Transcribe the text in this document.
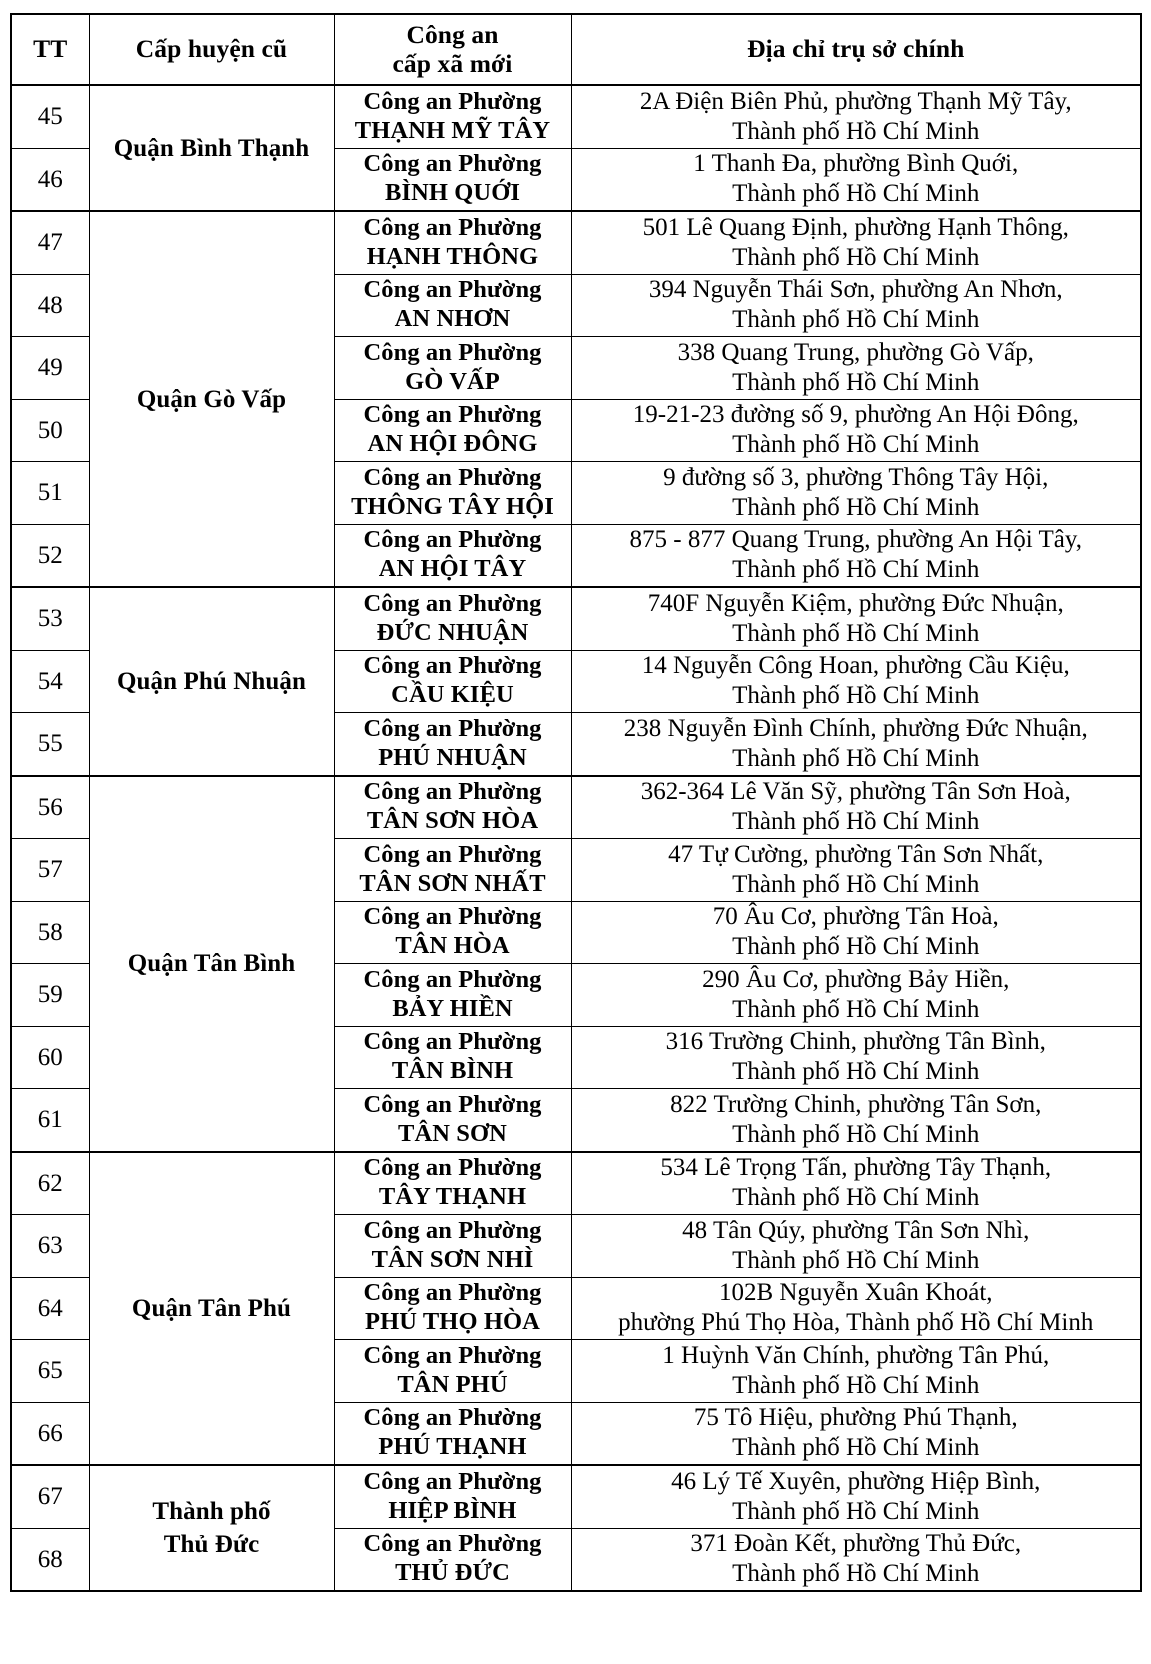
TT	Cấp huyện cũ	Công an
cấp xã mới	Địa chỉ trụ sở chính
45	Quận Bình Thạnh	Công an Phường
THẠNH MỸ TÂY	2A Điện Biên Phủ, phường Thạnh Mỹ Tây,
Thành phố Hồ Chí Minh

46		Công an Phường
BÌNH QUỚI	1 Thanh Đa, phường Bình Quới,
Thành phố Hồ Chí Minh

47	Quận Gò Vấp	Công an Phường
HẠNH THÔNG	501 Lê Quang Định, phường Hạnh Thông,
Thành phố Hồ Chí Minh

48		Công an Phường
AN NHƠN	394 Nguyễn Thái Sơn, phường An Nhơn,
Thành phố Hồ Chí Minh

49		Công an Phường
GÒ VẤP	338 Quang Trung, phường Gò Vấp,
Thành phố Hồ Chí Minh

50		Công an Phường
AN HỘI ĐÔNG	19-21-23 đường số 9, phường An Hội Đông,
Thành phố Hồ Chí Minh

51		Công an Phường
THÔNG TÂY HỘI	9 đường số 3, phường Thông Tây Hội,
Thành phố Hồ Chí Minh

52		Công an Phường
AN HỘI TÂY	875 - 877 Quang Trung, phường An Hội Tây,
Thành phố Hồ Chí Minh

53	Quận Phú Nhuận	Công an Phường
ĐỨC NHUẬN	740F Nguyễn Kiệm, phường Đức Nhuận,
Thành phố Hồ Chí Minh

54		Công an Phường
CẦU KIỆU	14 Nguyễn Công Hoan, phường Cầu Kiệu,
Thành phố Hồ Chí Minh

55		Công an Phường
PHÚ NHUẬN	238 Nguyễn Đình Chính, phường Đức Nhuận,
Thành phố Hồ Chí Minh

56	Quận Tân Bình	Công an Phường
TÂN SƠN HÒA	362-364 Lê Văn Sỹ, phường Tân Sơn Hoà,
Thành phố Hồ Chí Minh

57		Công an Phường
TÂN SƠN NHẤT	47 Tự Cường, phường Tân Sơn Nhất,
Thành phố Hồ Chí Minh

58		Công an Phường
TÂN HÒA	70 Âu Cơ, phường Tân Hoà,
Thành phố Hồ Chí Minh

59		Công an Phường
BẢY HIỀN	290 Âu Cơ, phường Bảy Hiền,
Thành phố Hồ Chí Minh

60		Công an Phường
TÂN BÌNH	316 Trường Chinh, phường Tân Bình,
Thành phố Hồ Chí Minh

61		Công an Phường
TÂN SƠN	822 Trường Chinh, phường Tân Sơn,
Thành phố Hồ Chí Minh

62	Quận Tân Phú	Công an Phường
TÂY THẠNH	534 Lê Trọng Tấn, phường Tây Thạnh,
Thành phố Hồ Chí Minh

63		Công an Phường
TÂN SƠN NHÌ	48 Tân Qúy, phường Tân Sơn Nhì,
Thành phố Hồ Chí Minh

64		Công an Phường
PHÚ THỌ HÒA	102B Nguyễn Xuân Khoát,
phường Phú Thọ Hòa, Thành phố Hồ Chí Minh

65		Công an Phường
TÂN PHÚ	1 Huỳnh Văn Chính, phường Tân Phú,
Thành phố Hồ Chí Minh

66		Công an Phường
PHÚ THẠNH	75 Tô Hiệu, phường Phú Thạnh,
Thành phố Hồ Chí Minh

67	Thành phố
Thủ Đức	Công an Phường
HIỆP BÌNH	46 Lý Tế Xuyên, phường Hiệp Bình,
Thành phố Hồ Chí Minh

68		Công an Phường
THỦ ĐỨC	371 Đoàn Kết, phường Thủ Đức,
Thành phố Hồ Chí Minh
